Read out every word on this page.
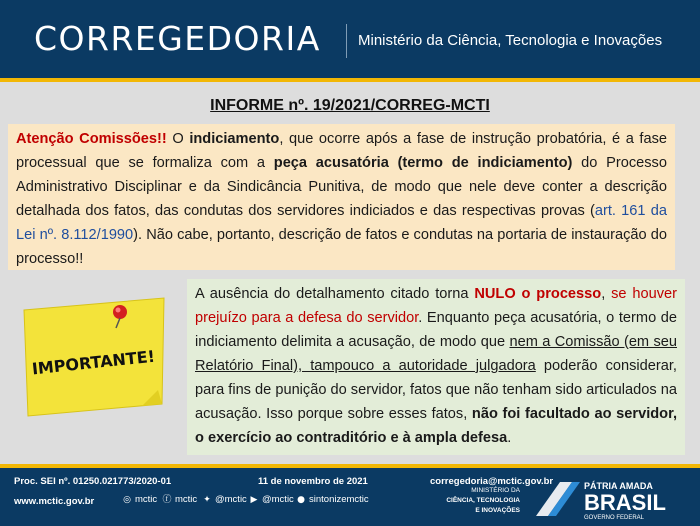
CORREGEDORIA Ministério da Ciência, Tecnologia e Inovações
INFORME nº. 19/2021/CORREG-MCTI
Atenção Comissões!! O indiciamento, que ocorre após a fase de instrução probatória, é a fase processual que se formaliza com a peça acusatória (termo de indiciamento) do Processo Administrativo Disciplinar e da Sindicância Punitiva, de modo que nele deve conter a descrição detalhada dos fatos, das condutas dos servidores indiciados e das respectivas provas (art. 161 da Lei nº. 8.112/1990). Não cabe, portanto, descrição de fatos e condutas na portaria de instauração do processo!!
IMPORTANTE!
A ausência do detalhamento citado torna NULO o processo, se houver prejuízo para a defesa do servidor. Enquanto peça acusatória, o termo de indiciamento delimita a acusação, de modo que nem a Comissão (em seu Relatório Final), tampouco a autoridade julgadora poderão considerar, para fins de punição do servidor, fatos que não tenham sido articulados na acusação. Isso porque sobre esses fatos, não foi facultado ao servidor, o exercício ao contraditório e à ampla defesa.
Proc. SEI nº. 01250.021773/2020-01	11 de novembro de 2021	corregedoria@mctic.gov.br
www.mctic.gov.br	◎ mctic ⓕ mctic ✦ @mctic ▶ @mctic ● sintonizemctic
MINISTÉRIO DA
CIÊNCIA, TECNOLOGIA
E INOVAÇÕES
PÁTRIA AMADA
BRASIL
GOVERNO FEDERAL
